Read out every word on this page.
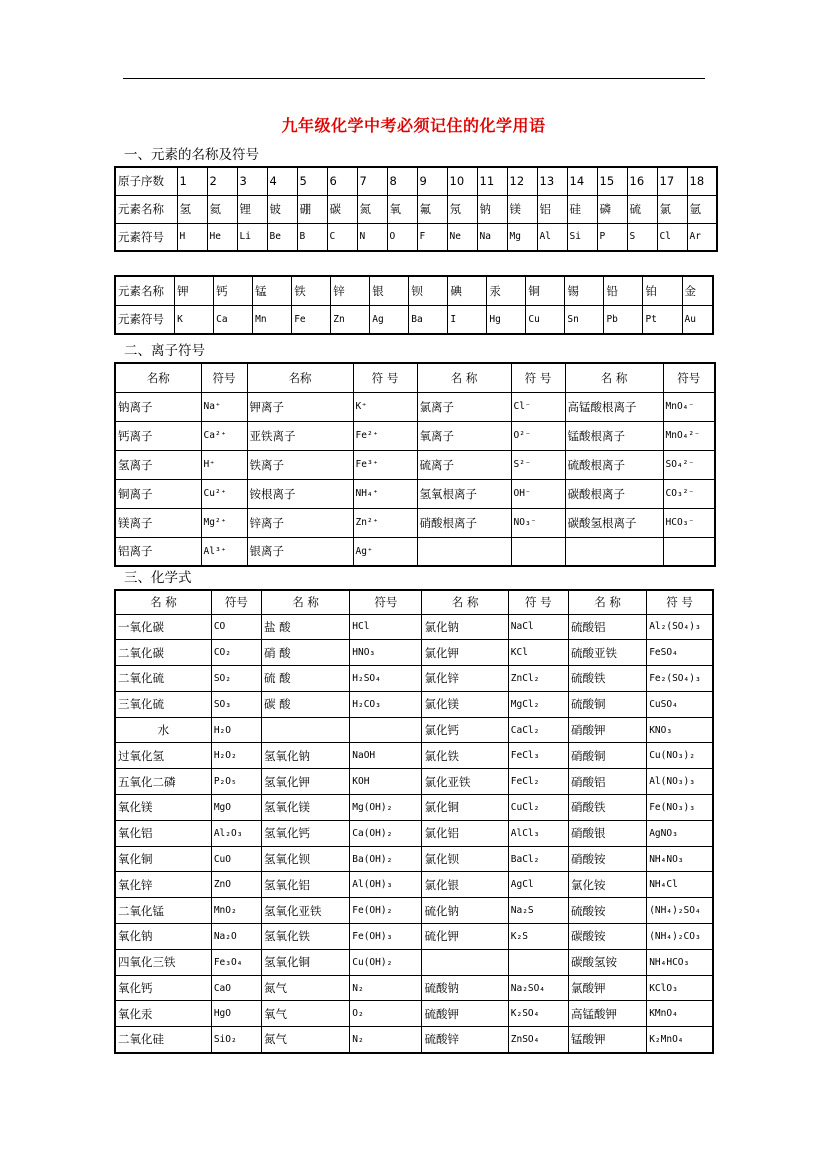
九年级化学中考必须记住的化学用语
一、元素的名称及符号
原子序数	1	2	3	4	5	6	7	8	9	10	11	12	13	14	15	16	17	18
元素名称	氢	氦	锂	铍	硼	碳	氮	氧	氟	氖	钠	镁	铝	硅	磷	硫	氯	氩
元素符号	H	He	Li	Be	B	C	N	O	F	Ne	Na	Mg	Al	Si	P	S	Cl	Ar
元素名称	钾	钙	锰	铁	锌	银	钡	碘	汞	铜	锡	铅	铂	金
元素符号	K	Ca	Mn	Fe	Zn	Ag	Ba	I	Hg	Cu	Sn	Pb	Pt	Au
二、离子符号
名称	符号	名称	符 号	名 称	符 号	名 称	符号
钠离子	Na⁺	钾离子	K⁺	氯离子	Cl⁻	高锰酸根离子	MnO₄⁻
钙离子	Ca²⁺	亚铁离子	Fe²⁺	氧离子	O²⁻	锰酸根离子	MnO₄²⁻
氢离子	H⁺	铁离子	Fe³⁺	硫离子	S²⁻	硫酸根离子	SO₄²⁻
铜离子	Cu²⁺	铵根离子	NH₄⁺	氢氧根离子	OH⁻	碳酸根离子	CO₃²⁻
镁离子	Mg²⁺	锌离子	Zn²⁺	硝酸根离子	NO₃⁻	碳酸氢根离子	HCO₃⁻
铝离子	Al³⁺	银离子	Ag⁺				
三、化学式
名 称	符号	名 称	符号	名 称	符 号	名 称	符 号
一氧化碳	CO	盐 酸	HCl	氯化钠	NaCl	硫酸铝	Al₂(SO₄)₃
二氧化碳	CO₂	硝 酸	HNO₃	氯化钾	KCl	硫酸亚铁	FeSO₄
二氧化硫	SO₂	硫 酸	H₂SO₄	氯化锌	ZnCl₂	硫酸铁	Fe₂(SO₄)₃
三氧化硫	SO₃	碳 酸	H₂CO₃	氯化镁	MgCl₂	硫酸铜	CuSO₄
水	H₂O			氯化钙	CaCl₂	硝酸钾	KNO₃
过氧化氢	H₂O₂	氢氧化钠	NaOH	氯化铁	FeCl₃	硝酸铜	Cu(NO₃)₂
五氧化二磷	P₂O₅	氢氧化钾	KOH	氯化亚铁	FeCl₂	硝酸铝	Al(NO₃)₃
氧化镁	MgO	氢氧化镁	Mg(OH)₂	氯化铜	CuCl₂	硝酸铁	Fe(NO₃)₃
氧化铝	Al₂O₃	氢氧化钙	Ca(OH)₂	氯化铝	AlCl₃	硝酸银	AgNO₃
氧化铜	CuO	氢氧化钡	Ba(OH)₂	氯化钡	BaCl₂	硝酸铵	NH₄NO₃
氧化锌	ZnO	氢氧化铝	Al(OH)₃	氯化银	AgCl	氯化铵	NH₄Cl
二氧化锰	MnO₂	氢氧化亚铁	Fe(OH)₂	硫化钠	Na₂S	硫酸铵	(NH₄)₂SO₄
氧化钠	Na₂O	氢氧化铁	Fe(OH)₃	硫化钾	K₂S	碳酸铵	(NH₄)₂CO₃
四氧化三铁	Fe₃O₄	氢氧化铜	Cu(OH)₂			碳酸氢铵	NH₄HCO₃
氧化钙	CaO	氮气	N₂	硫酸钠	Na₂SO₄	氯酸钾	KClO₃
氧化汞	HgO	氧气	O₂	硫酸钾	K₂SO₄	高锰酸钾	KMnO₄
二氧化硅	SiO₂	氮气	N₂	硫酸锌	ZnSO₄	锰酸钾	K₂MnO₄
